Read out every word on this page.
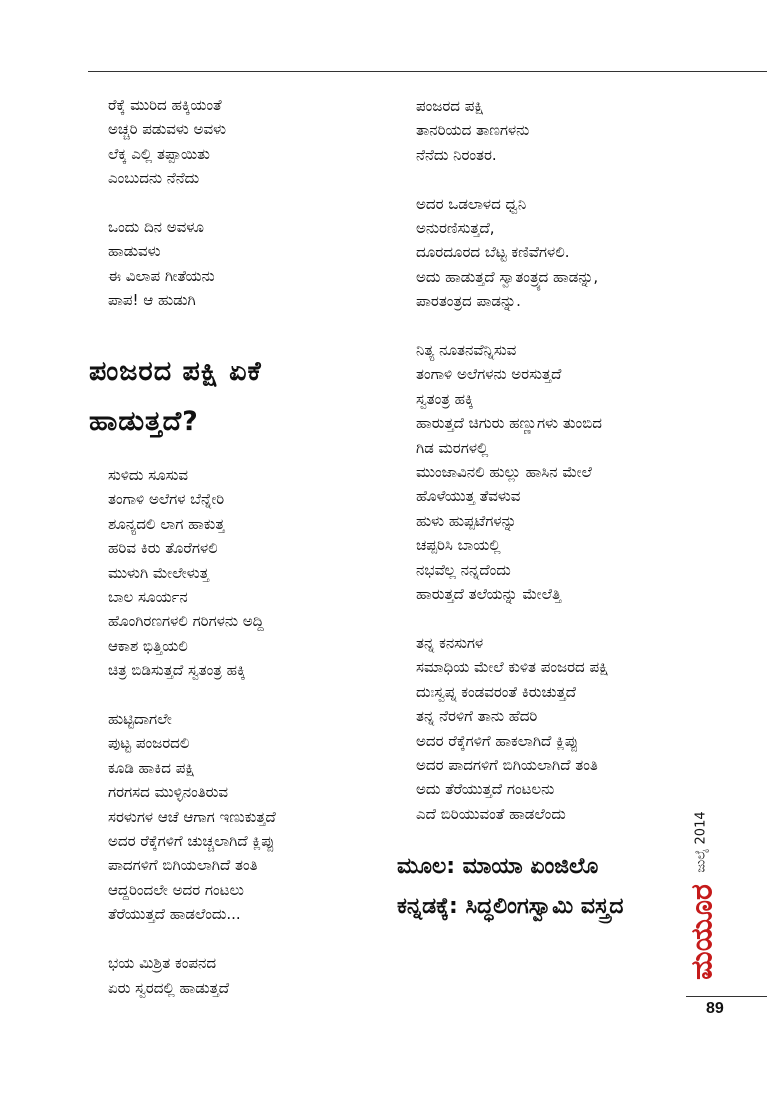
ರೆಕ್ಕೆ ಮುರಿದ ಹಕ್ಕಿಯಂತೆ
ಅಚ್ಚರಿ ಪಡುವಳು ಅವಳು
ಲೆಕ್ಕ ಎಲ್ಲಿ ತಪ್ಪಾಯಿತು
ಎಂಬುದನು ನೆನೆದು
ಒಂದು ದಿನ ಅವಳೂ
ಹಾಡುವಳು
ಈ ವಿಲಾಪ ಗೀತೆಯನು
ಪಾಪ! ಆ ಹುಡುಗಿ
ಪಂಜರದ ಪಕ್ಷಿ ಏಕೆ
ಹಾಡುತ್ತದೆ?
ಸುಳಿದು ಸೂಸುವ
ತಂಗಾಳಿ ಅಲೆಗಳ ಬೆನ್ನೇರಿ
ಶೂನ್ಯದಲಿ ಲಾಗ ಹಾಕುತ್ತ
ಹರಿವ ಕಿರು ತೊರೆಗಳಲಿ
ಮುಳುಗಿ ಮೇಲೇಳುತ್ತ
ಬಾಲ ಸೂರ್ಯನ
ಹೊಂಗಿರಣಗಳಲಿ ಗರಿಗಳನು ಅದ್ದಿ
ಆಕಾಶ ಭಿತ್ತಿಯಲಿ
ಚಿತ್ರ ಬಿಡಿಸುತ್ತದೆ ಸ್ವತಂತ್ರ ಹಕ್ಕಿ
ಹುಟ್ಟಿದಾಗಲೇ
ಪುಟ್ಟ ಪಂಜರದಲಿ
ಕೂಡಿ ಹಾಕಿದ ಪಕ್ಷಿ
ಗರಗಸದ ಮುಳ್ಳಿನಂತಿರುವ
ಸರಳುಗಳ ಆಚೆ ಆಗಾಗ ಇಣುಕುತ್ತದೆ
ಅದರ ರೆಕ್ಕೆಗಳಿಗೆ ಚುಚ್ಚಲಾಗಿದೆ ಕ್ಲಿಪ್ಪು
ಪಾದಗಳಿಗೆ ಬಿಗಿಯಲಾಗಿದೆ ತಂತಿ
ಆದ್ದರಿಂದಲೇ ಅದರ ಗಂಟಲು
ತೆರೆಯುತ್ತದೆ ಹಾಡಲೆಂದು...
ಭಯ ಮಿಶ್ರಿತ ಕಂಪನದ
ಏರು ಸ್ವರದಲ್ಲಿ ಹಾಡುತ್ತದೆ
ಪಂಜರದ ಪಕ್ಷಿ
ತಾನರಿಯದ ತಾಣಗಳನು
ನೆನೆದು ನಿರಂತರ.
ಅದರ ಒಡಲಾಳದ ಧ್ವನಿ
ಅನುರಣಿಸುತ್ತದೆ,
ದೂರದೂರದ ಬೆಟ್ಟ ಕಣಿವೆಗಳಲಿ.
ಅದು ಹಾಡುತ್ತದೆ ಸ್ವಾತಂತ್ರ್ಯದ ಹಾಡನ್ನು,
ಪಾರತಂತ್ರದ ಪಾಡನ್ನು.
ನಿತ್ಯ ನೂತನವೆನ್ನಿಸುವ
ತಂಗಾಳಿ ಅಲೆಗಳನು ಅರಸುತ್ತದೆ
ಸ್ವತಂತ್ರ ಹಕ್ಕಿ
ಹಾರುತ್ತದೆ ಚಿಗುರು ಹಣ್ಣುಗಳು ತುಂಬಿದ
ಗಿಡ ಮರಗಳಲ್ಲಿ
ಮುಂಜಾವಿನಲಿ ಹುಲ್ಲು ಹಾಸಿನ ಮೇಲೆ
ಹೊಳೆಯುತ್ತ ತೆವಳುವ
ಹುಳು ಹುಪ್ಪಟೆಗಳನ್ನು
ಚಪ್ಪರಿಸಿ ಬಾಯಲ್ಲಿ
ನಭವೆಲ್ಲ ನನ್ನದೆಂದು
ಹಾರುತ್ತದೆ ತಲೆಯನ್ನು ಮೇಲೆತ್ತಿ
ತನ್ನ ಕನಸುಗಳ
ಸಮಾಧಿಯ ಮೇಲೆ ಕುಳಿತ ಪಂಜರದ ಪಕ್ಷಿ
ದುಃಸ್ವಪ್ನ ಕಂಡವರಂತೆ ಕಿರುಚುತ್ತದೆ
ತನ್ನ ನೆರಳಿಗೆ ತಾನು ಹೆದರಿ
ಅದರ ರೆಕ್ಕೆಗಳಿಗೆ ಹಾಕಲಾಗಿದೆ ಕ್ಲಿಪ್ಪು
ಅದರ ಪಾದಗಳಿಗೆ ಬಿಗಿಯಲಾಗಿದೆ ತಂತಿ
ಅದು ತೆರೆಯುತ್ತದೆ ಗಂಟಲನು
ಎದೆ ಬಿರಿಯುವಂತೆ ಹಾಡಲೆಂದು
ಮೂಲ: ಮಾಯಾ ಏಂಜಿಲೊ
ಕನ್ನಡಕ್ಕೆ: ಸಿದ್ಧಲಿಂಗಸ್ವಾಮಿ ವಸ್ತ್ರದ
ಜುಲೈ 2014
ಮಯೂರ
89
